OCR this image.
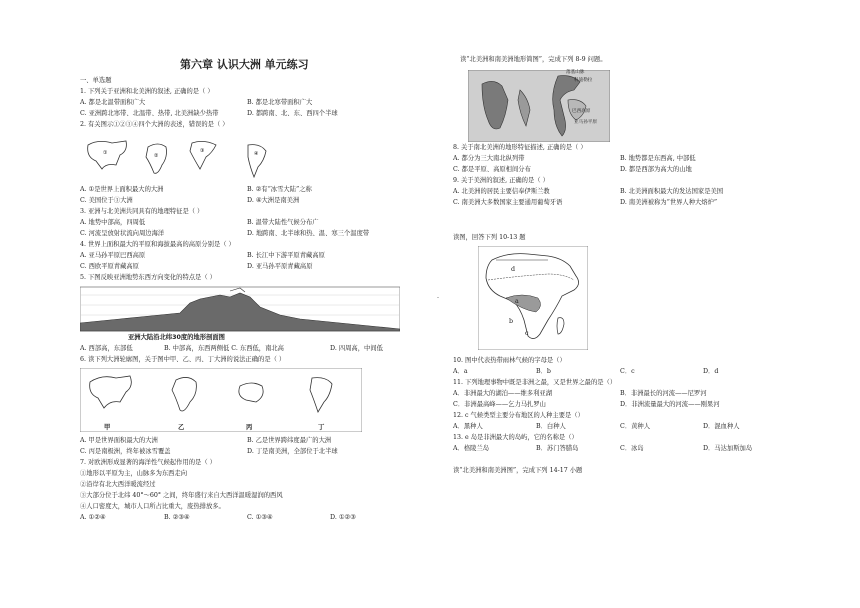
第六章 认识大洲 单元练习
一、单选题
1. 下列关于亚洲和北美洲的叙述, 正确的是（ ）
A. 都是北温带面积广大	B. 都是北寒带面积广大
C. 亚洲跨北寒带、北温带、热带, 北美洲缺少热带	D. 都跨南、北、东、西四个半球
2. 有关图示①②③④四个大洲的表述，错误的是（ ）
①	②
③	④
A. ①是世界上面积最大的大洲	B. ②有“冰雪大陆”之称
C. 美国位于③大洲	D. ④大洲是南美洲
3. 亚洲与北美洲共同具有的地理特征是（ ）
A. 地势中部高，四周低	B. 温带大陆性气候分布广
C. 河流呈放射状流向周边海洋	D. 地跨南、北半球和热、温、寒三个温度带
4. 世界上面积最大的平原和海拔最高的高原分别是（ ）
A. 亚马孙平原巴西高原	B. 长江中下游平原青藏高原
C. 西欧平原青藏高原	D. 亚马孙平原青藏高原
5. 下图反映亚洲地势东西方向变化的特点是（ ）
亚洲大陆沿北纬30度的地形剖面图
A. 西部高，东部低	B. 中部高，东西两侧低 C. 东西低，南北高	D. 四周高，中间低
6. 读下列大洲轮廓图，关于图中甲、乙、丙、丁大洲的说法正确的是（ ）
甲	乙	丙	丁
A. 甲是世界面积最大的大洲	B. 乙是世界跨纬度最广的大洲
C. 丙是南极洲，终年被冰雪覆盖	D. 丁是南美洲，全部位于北半球
7. 对欧洲形成显著的海洋性气候起作用的是（ ）
①地形以平原为主，山脉多为东西走向
②沿岸有北大西洋暖流经过
③大部分位于北纬 40°～60° 之间，终年盛行来自大西洋温暖湿润的西风
④人口密度大，城市人口所占比重大，废热排放多。
A. ①②④	B. ②③④	C. ①③④	D. ①②③
读“北美洲和南美洲地形简图”，完成下列 8-9 问题。
落基山脉
科迪勒拉
巴西高原
亚马孙平原
8. 关于南北美洲的地形特征描述, 正确的是（ ）
A. 都分为三大南北纵列带	B. 地势都是东西高, 中部低
C. 都是平原、高原相间分布	D. 都是西部为高大的山地
9. 关于美洲的叙述, 正确的是（ ）
A. 北美洲的居民主要信奉伊斯兰教	B. 北美洲面积最大的发达国家是美国
C. 南美洲大多数国家主要通用葡萄牙语	D. 南美洲被称为“世界人种大熔炉”
读图，回答下列 10-13 题
.
d
a
b
c
10. 图中代表热带雨林气候的字母是（）
A．a	B．b	C．c	D．d
11. 下列地理事物中既是非洲之最，又是世界之最的是（）
A．非洲最大的湖泊——维多利亚湖	B．非洲最长的河流——尼罗河
C．非洲最高峰——乞力马扎罗山	D．非洲流量最大的河流——刚果河
12. c 气候类型主要分布地区的人种主要是（）
A．黑种人	B．白种人	C．黄种人	D．混血种人
13. e 岛是非洲最大的岛屿，它的名称是（）
A．格陵兰岛	B．苏门答腊岛	C．冰岛	D．马达加斯加岛
读“北美洲和南美洲图”，完成下列 14-17 小题
